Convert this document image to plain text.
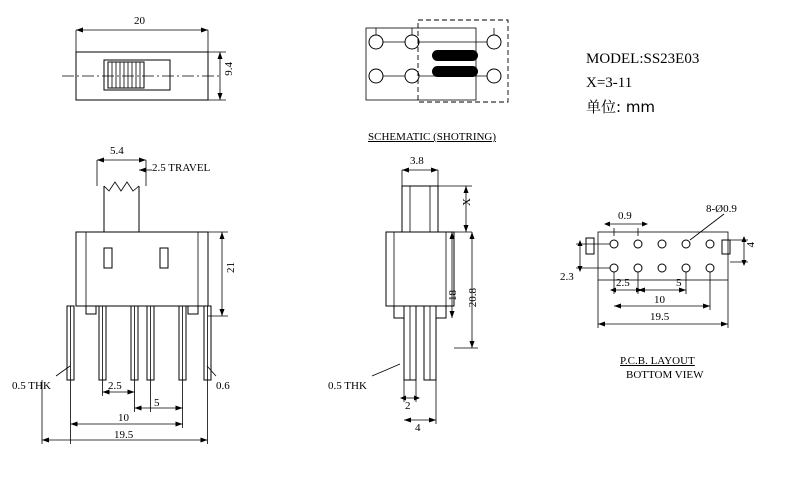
20
9.4
SCHEMATIC (SHOTRING)
MODEL:SS23E03
X=3-11
单位: mm
5.4
2.5 TRAVEL
21
0.5 THK	0.6
2.5
5
10
19.5
3.8
X
18 20.8
0.5 THK
2
4
8-Ø0.9
0.9
2.3
4
2.5	5
10
19.5
P.C.B. LAYOUT
BOTTOM VIEW
